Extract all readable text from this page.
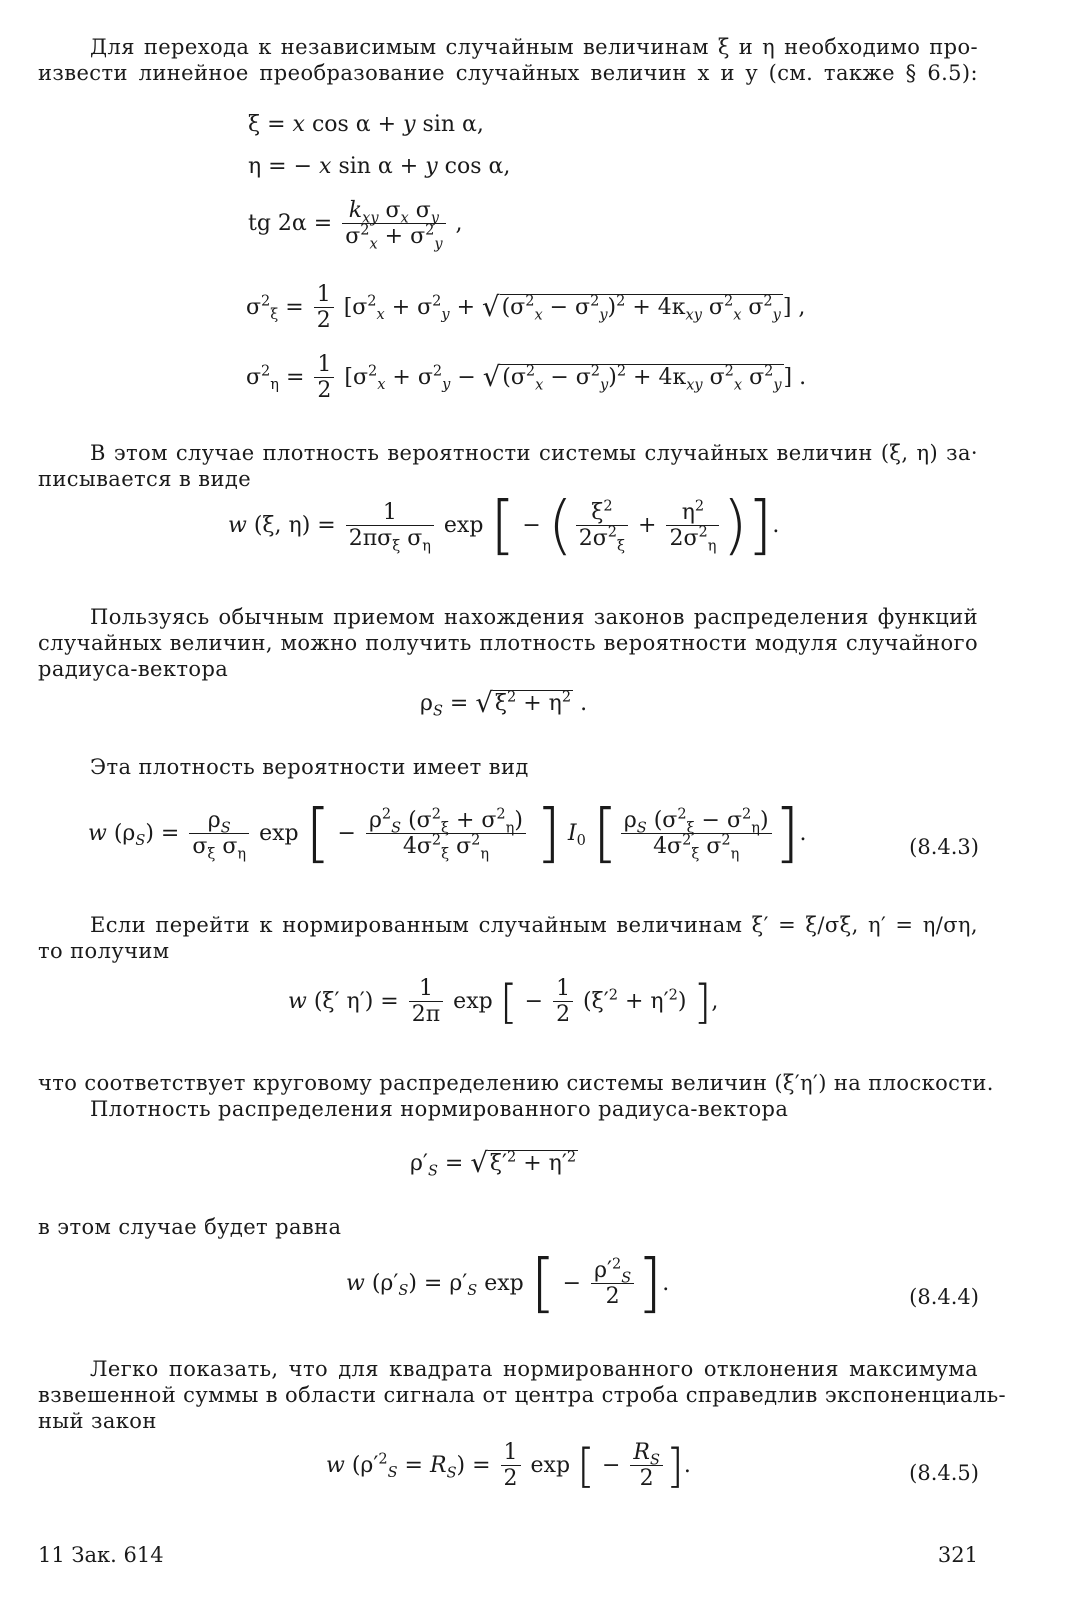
Для перехода к независимым случайным величинам ξ и η необходимо про-
извести линейное преобразование случайных величин x и y (см. также § 6.5):
ξ = x cos α + y sin α,
η = − x sin α + y cos α,
tg $2\alpha = \frac{k_{xy} \sigma_x \sigma_y}{\sigma^2_x + \sigma^2_y}$ ,
$\sigma^2_\xi = \frac{1}{2} [\sigma^2_x + \sigma^2_y + √(\sigma^2_x - \sigma^2_y)^2 + 4\kappa_{xy}$ $\sigma^2_x$ $\sigma^2_y$] ,
$\sigma^2_\eta = \frac{1}{2} [\sigma^2_x + \sigma^2_y - √(\sigma^2_x - \sigma^2_y)^2 + 4\kappa_{xy}$ $\sigma^2_x$ $\sigma^2_y$] .
В этом случае плотность вероятности системы случайных величин (ξ, η) за·
писывается в виде
w (ξ, $\eta) = \frac{1}{2\pi\sigma_\xi \sigma_\eta}$ exp [ − ( $\frac{\xi^2}{2\sigma^2_\xi} + \frac{\eta^2}{2\sigma^2_\eta}$ )].
Пользуясь обычным приемом нахождения законов распределения функций
случайных величин, можно получить плотность вероятности модуля случайного
радиуса-вектора
$\rho_S = √\xi^2 + \eta^2$ .
Эта плотность вероятности имеет вид
w $(\rho_S) = \frac{\rho_S}{\sigma_\xi \sigma_\eta}$ exp [ − $\frac{\rho^2_S (\sigma^2_\xi + \sigma^2_\eta)}{4\sigma^2_\xi \sigma^2_\eta}$ ] $I_0$ [ $\frac{\rho_S (\sigma^2_\xi - \sigma^2_\eta)}{4\sigma^2_\xi \sigma^2_\eta}$ ].
(8.4.3)
Если перейти к нормированным случайным величинам ξ′ = ξ/σξ, η′ = η/ση,
то получим
w (ξ′ $\eta') = \frac{1}{2\pi}$ exp [ − $\frac{1}{2} (\xi'^2 + \eta'^2)$ ],
что соответствует круговому распределению системы величин (ξ′η′) на плоскости.
Плотность распределения нормированного радиуса-вектора
$\rho'_S = √\xi'^2 + \eta'^2$
в этом случае будет равна
w $(\rho'_S) = \rho'_S$ exp [ − $\frac{\rho'^2_S}{2}$ ].
(8.4.4)
Легко показать, что для квадрата нормированного отклонения максимума
взвешенной суммы в области сигнала от центра строба справедлив экспоненциаль-
ный закон
w $(\rho'^2_S = R_S) = \frac{1}{2}$ exp [ − $\frac{R_S}{2}$ ].	(8.4.5)
11 Зак. 614	321
